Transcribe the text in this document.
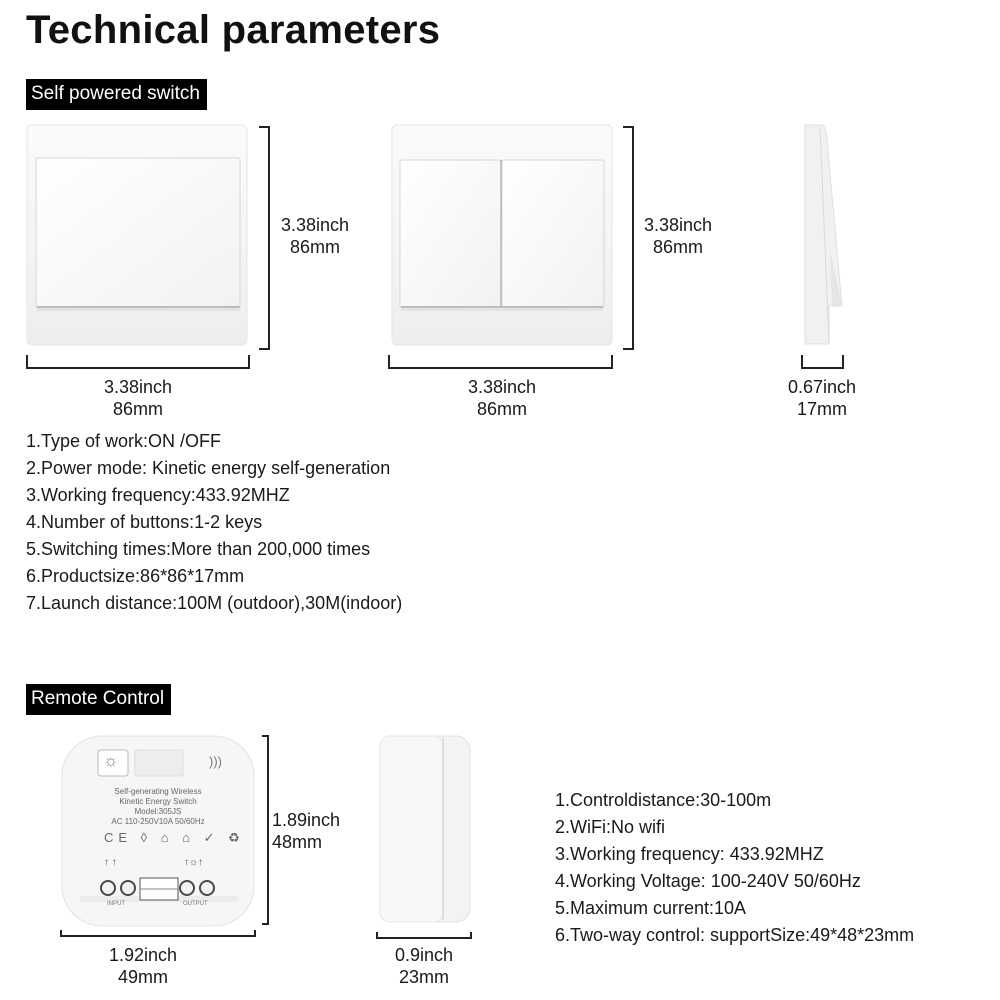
Technical parameters
Self powered switch
3.38inch
86mm
3.38inch
86mm
3.38inch
86mm
3.38inch
86mm
0.67inch
17mm
1.Type of work:ON /OFF
2.Power mode: Kinetic energy self-generation
3.Working frequency:433.92MHZ
4.Number of buttons:1-2 keys
5.Switching times:More than 200,000 times
6.Productsize:86*86*17mm
7.Launch distance:100M (outdoor),30M(indoor)
Remote Control
☼	)))
Self-generating Wireless
Kinetic Energy Switch
Model:305JS
AC 110-250V10A 50/60Hz
CE ◊ ⌂ ⌂ ✓ ♻
↑ ↑	↑☼↑
INPUT	OUTPUT
1.89inch
48mm
1.92inch
49mm
0.9inch
23mm
1.Controldistance:30-100m
2.WiFi:No wifi
3.Working frequency: 433.92MHZ
4.Working Voltage: 100-240V 50/60Hz
5.Maximum current:10A
6.Two-way control: supportSize:49*48*23mm
